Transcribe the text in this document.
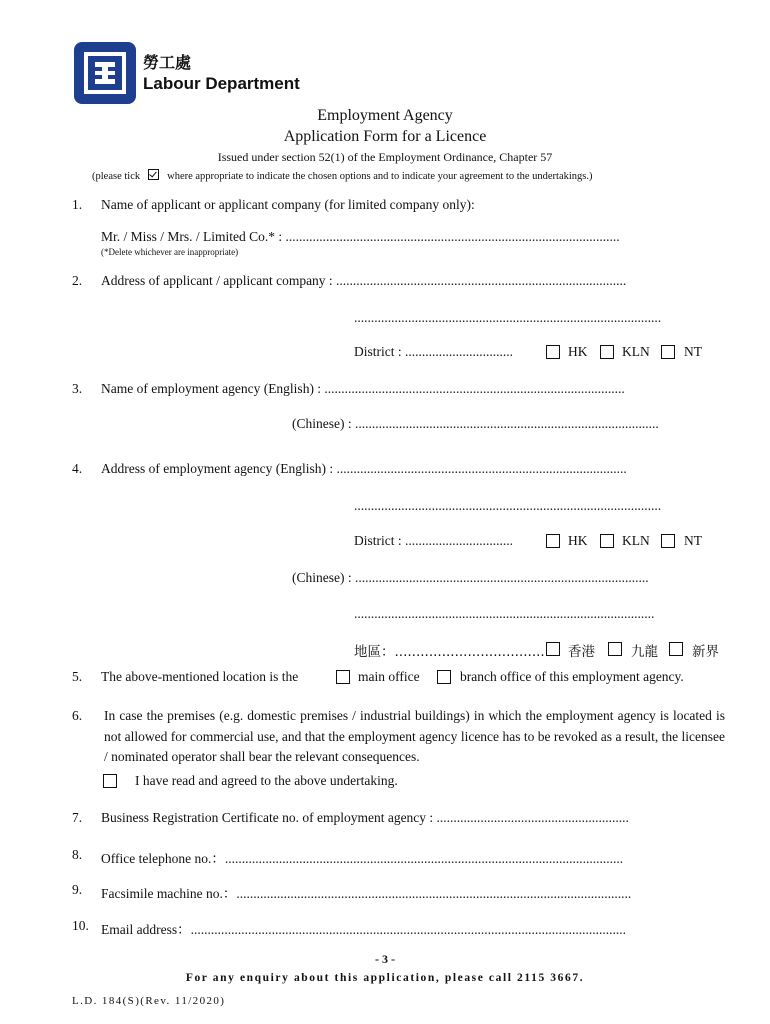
勞工處
Labour Department
Employment Agency
Application Form for a Licence
Issued under section 52(1) of the Employment Ordinance, Chapter 57
(please tick	where appropriate to indicate the chosen options and to indicate your agreement to the undertakings.)
1. Name of applicant or applicant company (for limited company only):
Mr. / Miss / Mrs. / Limited Co.* : ...................................................................................................
(*Delete whichever are inappropriate)
2. Address of applicant / applicant company : ......................................................................................
...........................................................................................
District : ................................	HK	KLN	NT
3. Name of employment agency (English) : .........................................................................................
(Chinese) : ..........................................................................................
4. Address of employment agency (English) : ......................................................................................
...........................................................................................
District : ................................	HK	KLN	NT
(Chinese) : .......................................................................................
.........................................................................................
地區：................................... 香港	九龍	新界
5. The above-mentioned location is the	main office	branch office of this employment agency.
6. In case the premises (e.g. domestic premises / industrial buildings) in which the employment agency is located is not allowed for commercial use, and that the employment agency licence has to be revoked as a result, the licensee / nominated operator shall bear the relevant consequences.
I have read and agreed to the above undertaking.
7. Business Registration Certificate no. of employment agency : .........................................................
8. Office telephone no.：......................................................................................................................
9. Facsimile machine no.：.....................................................................................................................
10. Email address：.................................................................................................................................
- 3 -
For any enquiry about this application, please call 2115 3667.
L.D. 184(S)(Rev. 11/2020)
